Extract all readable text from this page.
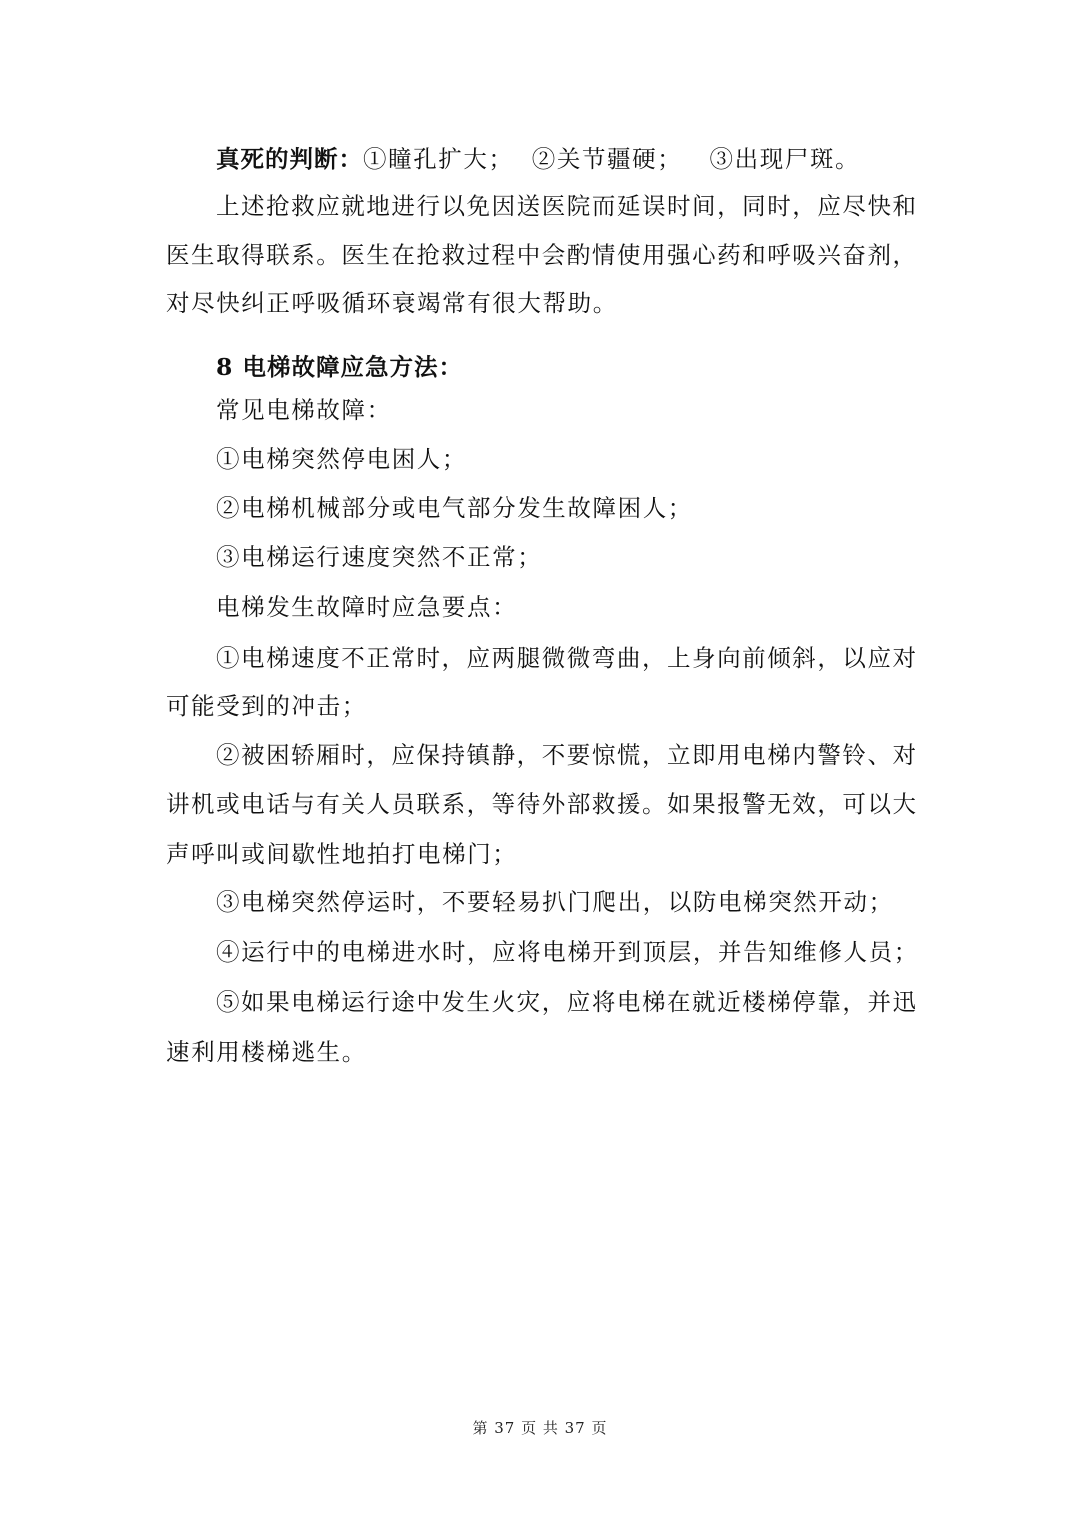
真死的判断：①瞳孔扩大；  ②关节疆硬；   ③出现尸斑。
上述抢救应就地进行以免因送医院而延误时间，同时，应尽快和
医生取得联系。医生在抢救过程中会酌情使用强心药和呼吸兴奋剂，
对尽快纠正呼吸循环衰竭常有很大帮助。
8 电梯故障应急方法：
常见电梯故障：
①电梯突然停电困人；
②电梯机械部分或电气部分发生故障困人；
③电梯运行速度突然不正常；
电梯发生故障时应急要点：
①电梯速度不正常时，应两腿微微弯曲，上身向前倾斜，以应对
可能受到的冲击；
②被困轿厢时，应保持镇静，不要惊慌，立即用电梯内警铃、对
讲机或电话与有关人员联系，等待外部救援。如果报警无效，可以大
声呼叫或间歇性地拍打电梯门；
③电梯突然停运时，不要轻易扒门爬出，以防电梯突然开动；
④运行中的电梯进水时，应将电梯开到顶层，并告知维修人员；
⑤如果电梯运行途中发生火灾，应将电梯在就近楼梯停靠，并迅
速利用楼梯逃生。
第 37 页 共 37 页
